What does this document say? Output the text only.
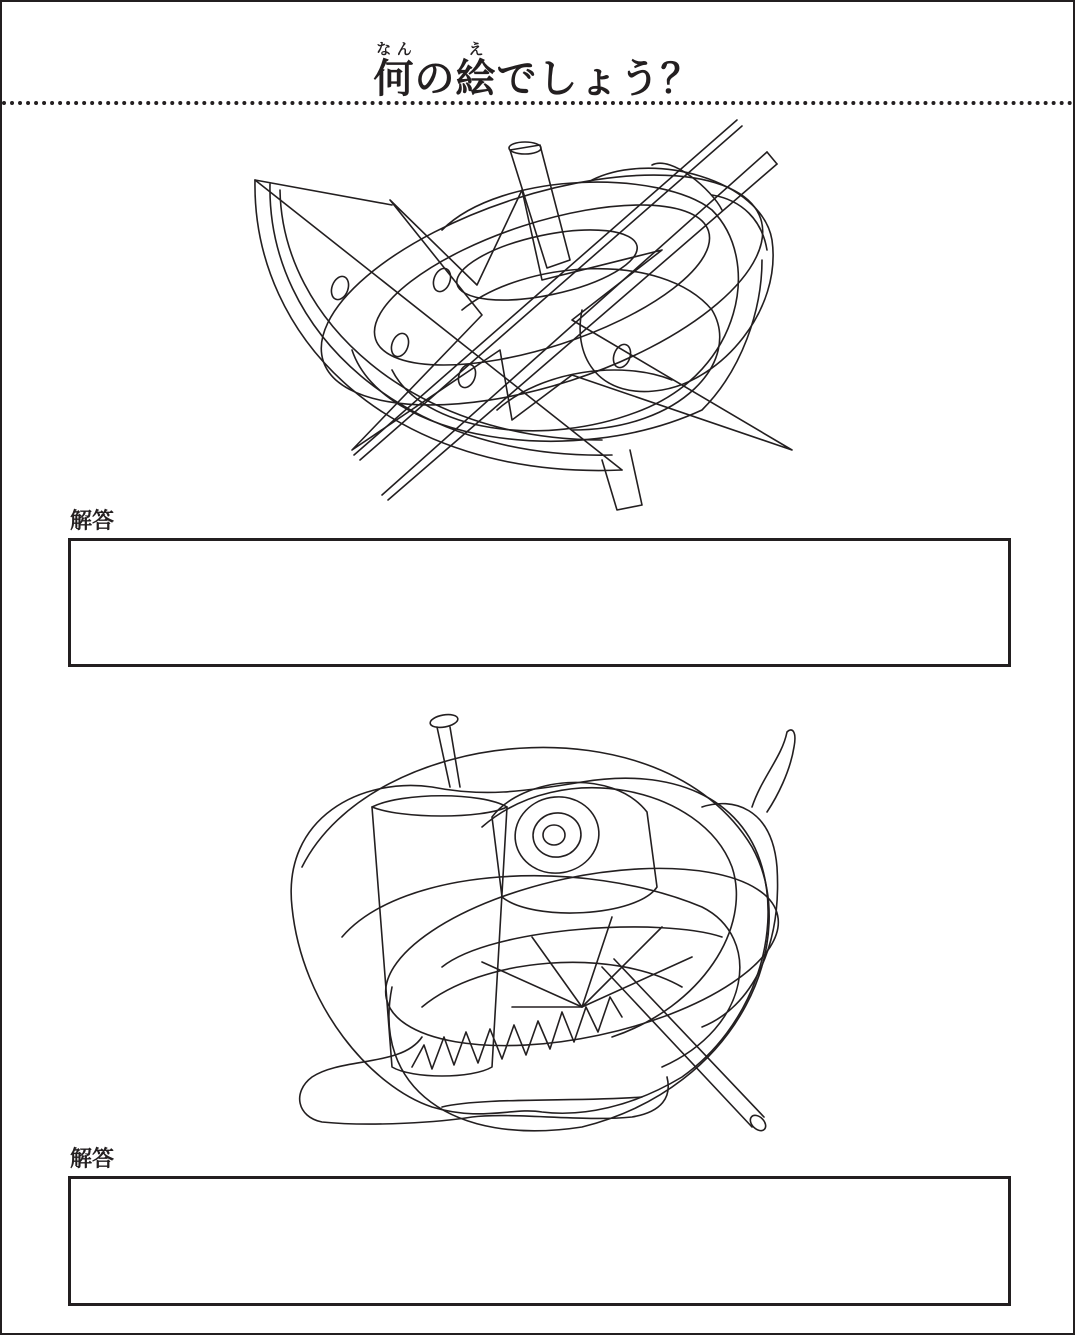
何なんの絵えでしょう？
解答
解答
